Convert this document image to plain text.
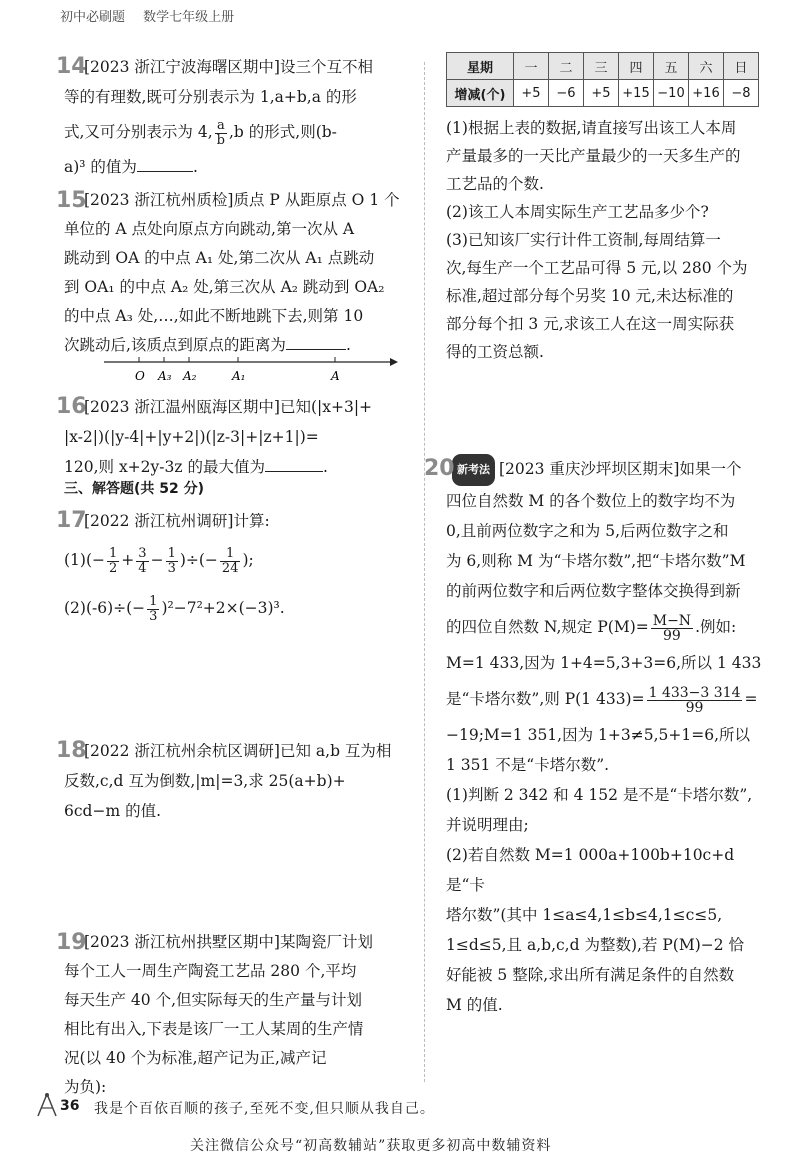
初中必刷题 数学七年级上册
14
[2023 浙江宁波海曙区期中]设三个互不相
等的有理数,既可分别表示为 1,a+b,a 的形
式,又可分别表示为 4, $\frac{a}{b} ,b$ 的形式,则(b-
a)³ 的值为	.
15
[2023 浙江杭州质检]质点 P 从距原点 O 1 个
单位的 A 点处向原点方向跳动,第一次从 A
跳动到 OA 的中点 A₁ 处,第二次从 A₁ 点跳动
到 OA₁ 的中点 A₂ 处,第三次从 A₂ 跳动到 OA₂
的中点 A₃ 处,…,如此不断地跳下去,则第 10
次跳动后,该质点到原点的距离为	.
O A₃ A₂	A₁	A
16
[2023 浙江温州瓯海区期中]已知(|x+3|+
|x-2|)(|y-4|+|y+2|)(|z-3|+|z+1|)=
120,则 x+2y-3z 的最大值为	.
三、解答题(共 52 分)
17
[2022 浙江杭州调研]计算:
$(1)(- \frac{1}{2} + \frac{3}{4} - \frac{1}{3}$ )÷(− $\frac{1}{24}$ );
$(2)(-6)\div(- \frac{1}{3} )^2-7^2+2\times(-3)^3$.
18
[2022 浙江杭州余杭区调研]已知 a,b 互为相
反数,c,d 互为倒数,|m|=3,求 25(a+b)+
6cd−m 的值.
19
[2023 浙江杭州拱墅区期中]某陶瓷厂计划
每个工人一周生产陶瓷工艺品 280 个,平均
每天生产 40 个,但实际每天的生产量与计划
相比有出入,下表是该厂一工人某周的生产情
况(以 40 个为标准,超产记为正,减产记
为负):
星期	一	二	三	四	五	六	日
增减(个)	+5	−6	+5	+15	−10	+16	−8
(1)根据上表的数据,请直接写出该工人本周
产量最多的一天比产量最少的一天多生产的
工艺品的个数.
(2)该工人本周实际生产工艺品多少个?
(3)已知该厂实行计件工资制,每周结算一
次,每生产一个工艺品可得 5 元,以 280 个为
标准,超过部分每个另奖 10 元,未达标准的
部分每个扣 3 元,求该工人在这一周实际获
得的工资总额.
20 新考法 [2023 重庆沙坪坝区期末]如果一个
四位自然数 M 的各个数位上的数字均不为
0,且前两位数字之和为 5,后两位数字之和
为 6,则称 M 为“卡塔尔数”,把“卡塔尔数”M
的前两位数字和后两位数字整体交换得到新
的四位自然数 N,规定 $P(M)= \frac{M-N}{99}$ .例如:
M=1 433,因为 1+4=5,3+3=6,所以 1 433
是“卡塔尔数”,则 P(1 $433)= \frac{1 433-3 314}{99}$ =
−19;M=1 351,因为 1+3≠5,5+1=6,所以
1 351 不是“卡塔尔数”.
(1)判断 2 342 和 4 152 是不是“卡塔尔数”,
并说明理由;
(2)若自然数 M=1 000a+100b+10c+d 是“卡
塔尔数”(其中 1≤a≤4,1≤b≤4,1≤c≤5,
1≤d≤5,且 a,b,c,d 为整数),若 P(M)−2 恰
好能被 5 整除,求出所有满足条件的自然数
M 的值.
36 我是个百依百顺的孩子,至死不变,但只顺从我自己。
关注微信公众号“初高数辅站”获取更多初高中数辅资料
